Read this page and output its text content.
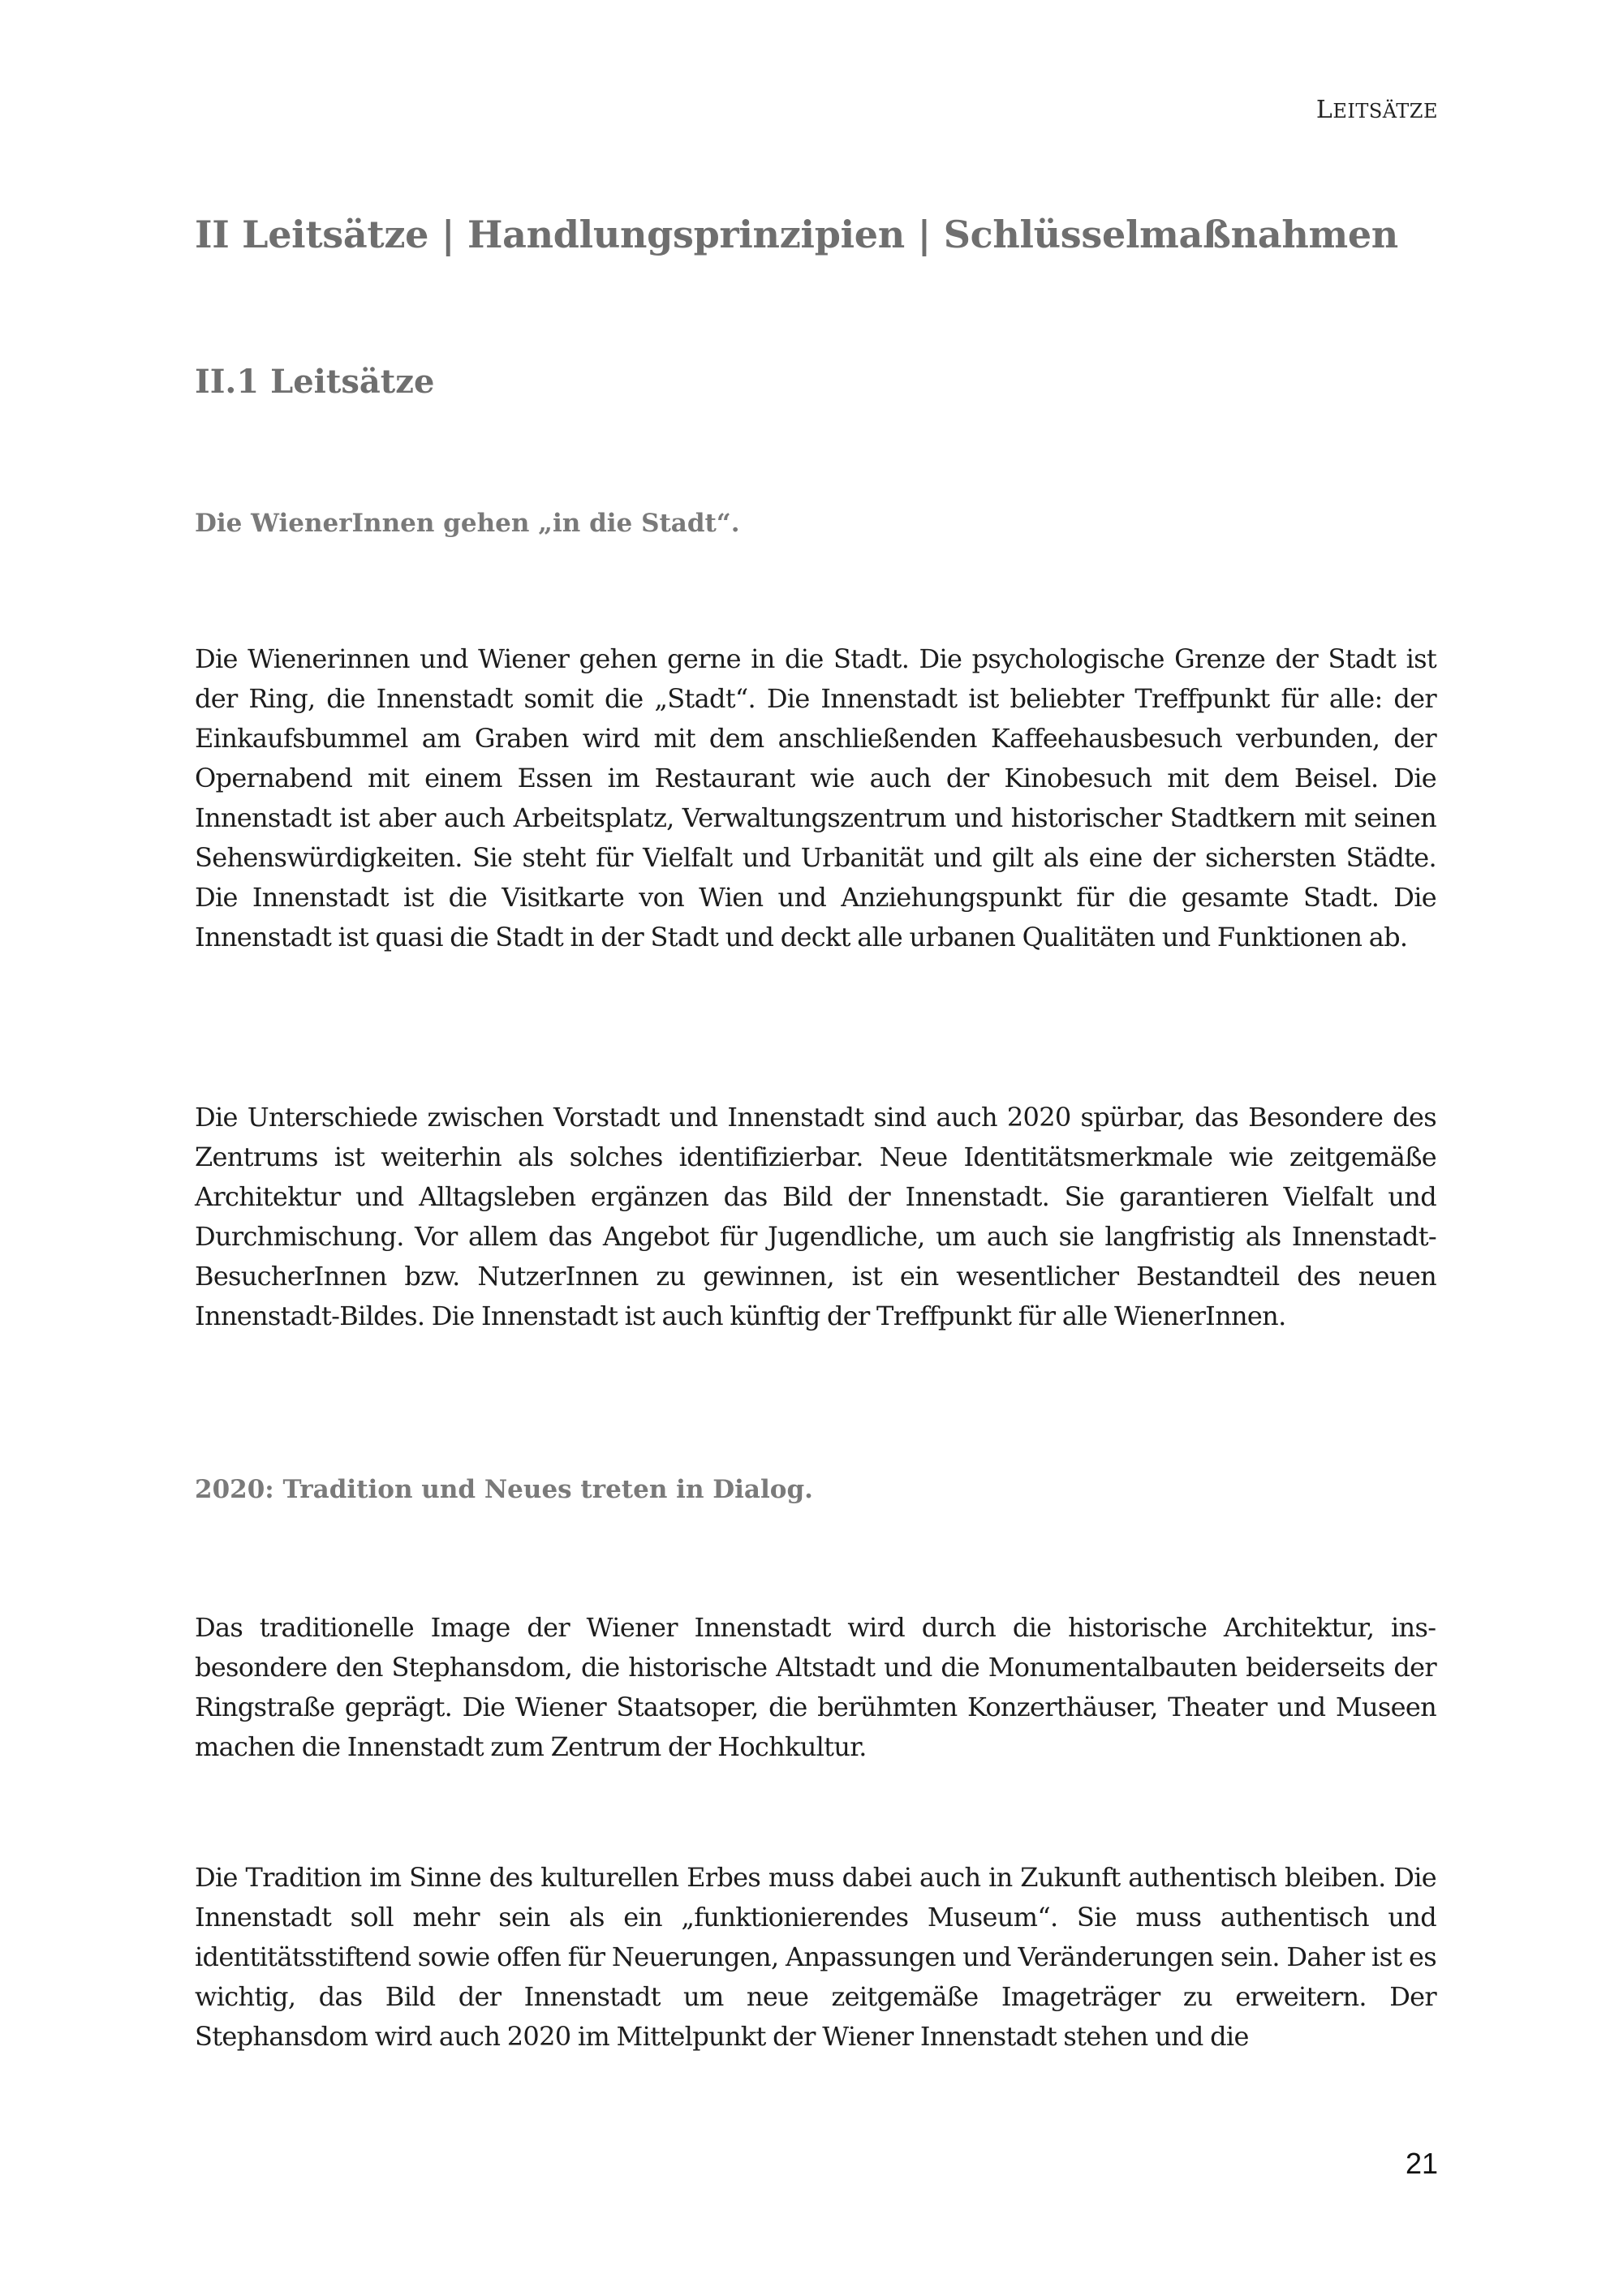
LEITSÄTZE
II Leitsätze | Handlungsprinzipien | Schlüsselmaßnahmen
II.1 Leitsätze
Die WienerInnen gehen „in die Stadt“.

Die Wienerinnen und Wiener gehen gerne in die Stadt. Die psychologische Grenze der Stadt ist der Ring, die Innenstadt somit die „Stadt“. Die Innenstadt ist beliebter Treffpunkt für alle: der Einkaufsbummel am Graben wird mit dem anschließenden Kaffeehausbesuch verbunden, der Opernabend mit einem Essen im Restaurant wie auch der Kinobesuch mit dem Beisel. Die Innenstadt ist aber auch Arbeitsplatz, Verwaltungszentrum und historischer Stadtkern mit seinen Sehenswürdigkeiten. Sie steht für Vielfalt und Urbanität und gilt als eine der sichersten Städte. Die Innenstadt ist die Visitkarte von Wien und Anziehungspunkt für die gesamte Stadt. Die Innenstadt ist quasi die Stadt in der Stadt und deckt alle urbanen Qualitäten und Funktionen ab.

Die Unterschiede zwischen Vorstadt und Innenstadt sind auch 2020 spürbar, das Besondere des Zentrums ist weiterhin als solches identifizierbar. Neue Identitätsmerkmale wie zeitgemäße Architektur und Alltagsleben ergänzen das Bild der Innenstadt. Sie garantieren Vielfalt und Durchmischung. Vor allem das Angebot für Jugendliche, um auch sie langfristig als Innenstadt-BesucherInnen bzw. NutzerInnen zu gewinnen, ist ein wesentlicher Bestandteil des neuen Innenstadt-Bildes. Die Innenstadt ist auch künftig der Treffpunkt für alle WienerInnen.

2020: Tradition und Neues treten in Dialog.

Das traditionelle Image der Wiener Innenstadt wird durch die historische Architektur, insbesondere den Stephansdom, die historische Altstadt und die Monumentalbauten beiderseits der Ringstraße geprägt. Die Wiener Staatsoper, die berühmten Konzerthäuser, Theater und Museen machen die Innenstadt zum Zentrum der Hochkultur.

Die Tradition im Sinne des kulturellen Erbes muss dabei auch in Zukunft authentisch bleiben. Die Innenstadt soll mehr sein als ein „funktionierendes Museum“. Sie muss authentisch und identitätsstiftend sowie offen für Neuerungen, Anpassungen und Veränderungen sein. Daher ist es wichtig, das Bild der Innenstadt um neue zeitgemäße Imageträger zu erweitern. Der Stephansdom wird auch 2020 im Mittelpunkt der Wiener Innenstadt stehen und die

21
